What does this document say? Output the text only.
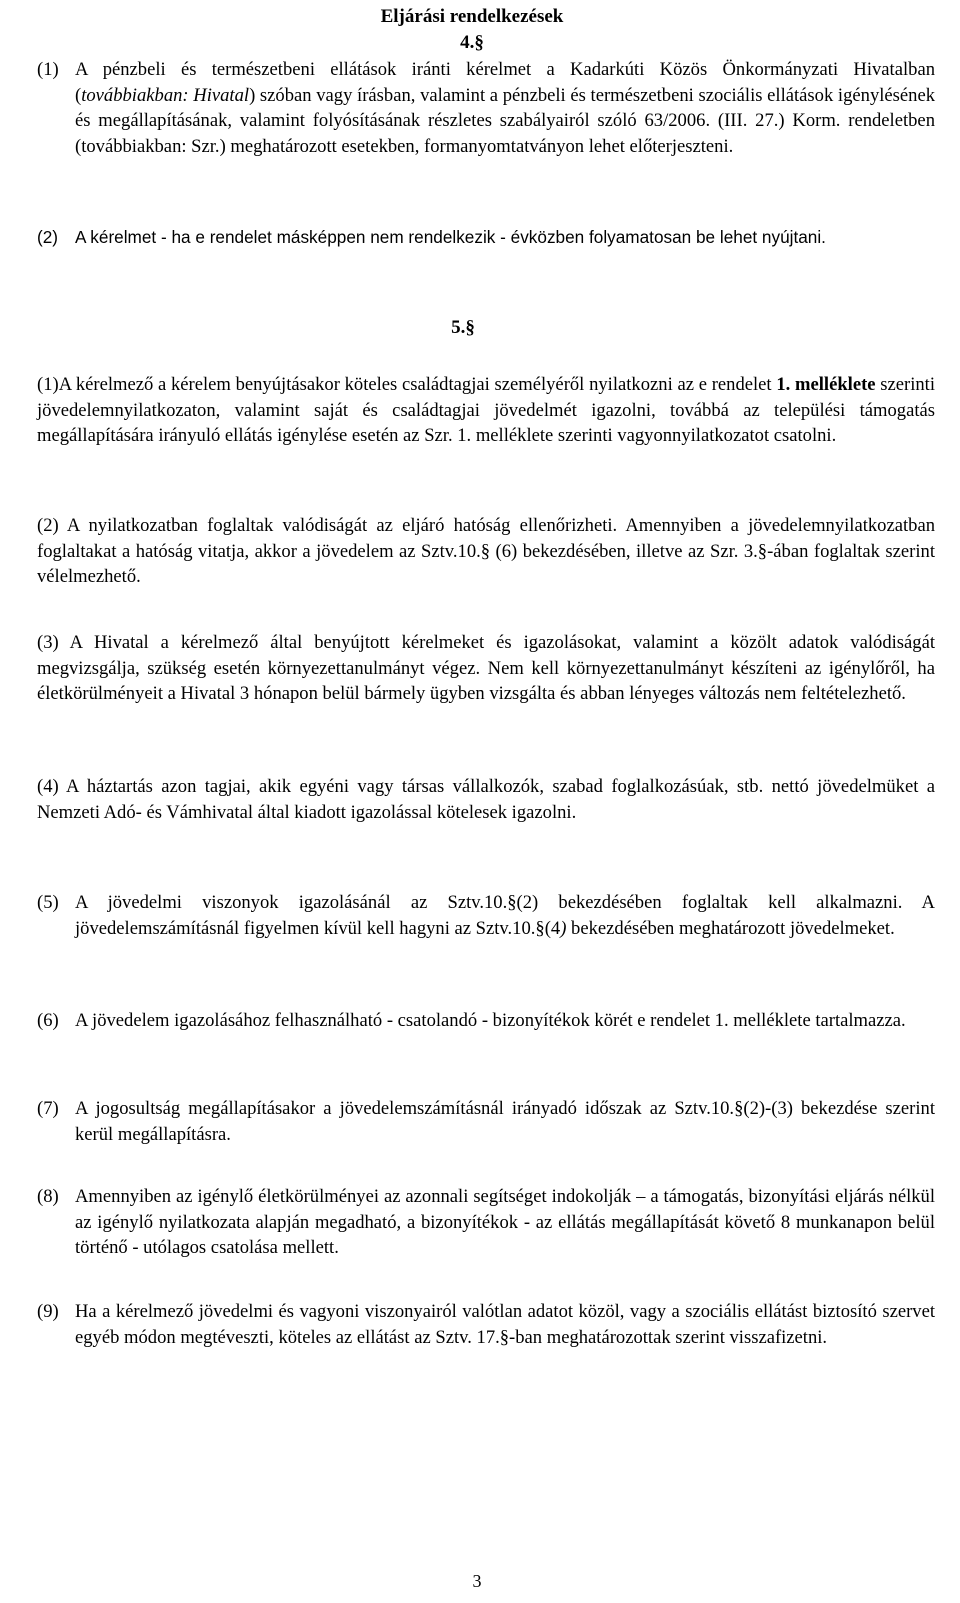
Eljárási rendelkezések
4.§
(1) A pénzbeli és természetbeni ellátások iránti kérelmet a Kadarkúti Közös Önkormányzati Hivatalban (továbbiakban: Hivatal) szóban vagy írásban, valamint a pénzbeli és természetbeni szociális ellátások igénylésének és megállapításának, valamint folyósításának részletes szabályairól szóló 63/2006. (III. 27.) Korm. rendeletben (továbbiakban: Szr.) meghatározott esetekben, formanyomtatványon lehet előterjeszteni.
(2) A kérelmet - ha e rendelet másképpen nem rendelkezik - évközben folyamatosan be lehet nyújtani.
5.§
(1)A kérelmező a kérelem benyújtásakor köteles családtagjai személyéről nyilatkozni az e rendelet 1. melléklete szerinti jövedelemnyilatkozaton, valamint saját és családtagjai jövedelmét igazolni, továbbá az települési támogatás megállapítására irányuló ellátás igénylése esetén az Szr. 1. melléklete szerinti vagyonnyilatkozatot csatolni.
(2) A nyilatkozatban foglaltak valódiságát az eljáró hatóság ellenőrizheti. Amennyiben a jövedelemnyilatkozatban foglaltakat a hatóság vitatja, akkor a jövedelem az Sztv.10.§ (6) bekezdésében, illetve az Szr. 3.§-ában foglaltak szerint vélelmezhető.
(3) A Hivatal a kérelmező által benyújtott kérelmeket és igazolásokat, valamint a közölt adatok valódiságát megvizsgálja, szükség esetén környezettanulmányt végez. Nem kell környezettanulmányt készíteni az igénylőről, ha életkörülményeit a Hivatal 3 hónapon belül bármely ügyben vizsgálta és abban lényeges változás nem feltételezhető.
(4) A háztartás azon tagjai, akik egyéni vagy társas vállalkozók, szabad foglalkozásúak, stb. nettó jövedelmüket a Nemzeti Adó- és Vámhivatal által kiadott igazolással kötelesek igazolni.
(5) A jövedelmi viszonyok igazolásánál az Sztv.10.§(2) bekezdésében foglaltak kell alkalmazni. A jövedelemszámításnál figyelmen kívül kell hagyni az Sztv.10.§(4) bekezdésében meghatározott jövedelmeket.
(6) A jövedelem igazolásához felhasználható - csatolandó - bizonyítékok körét e rendelet 1. melléklete tartalmazza.
(7) A jogosultság megállapításakor a jövedelemszámításnál irányadó időszak az Sztv.10.§(2)-(3) bekezdése szerint kerül megállapításra.
(8) Amennyiben az igénylő életkörülményei az azonnali segítséget indokolják – a támogatás, bizonyítási eljárás nélkül az igénylő nyilatkozata alapján megadható, a bizonyítékok - az ellátás megállapítását követő 8 munkanapon belül történő - utólagos csatolása mellett.
(9) Ha a kérelmező jövedelmi és vagyoni viszonyairól valótlan adatot közöl, vagy a szociális ellátást biztosító szervet egyéb módon megtéveszti, köteles az ellátást az Sztv. 17.§-ban meghatározottak szerint visszafizetni.
3
